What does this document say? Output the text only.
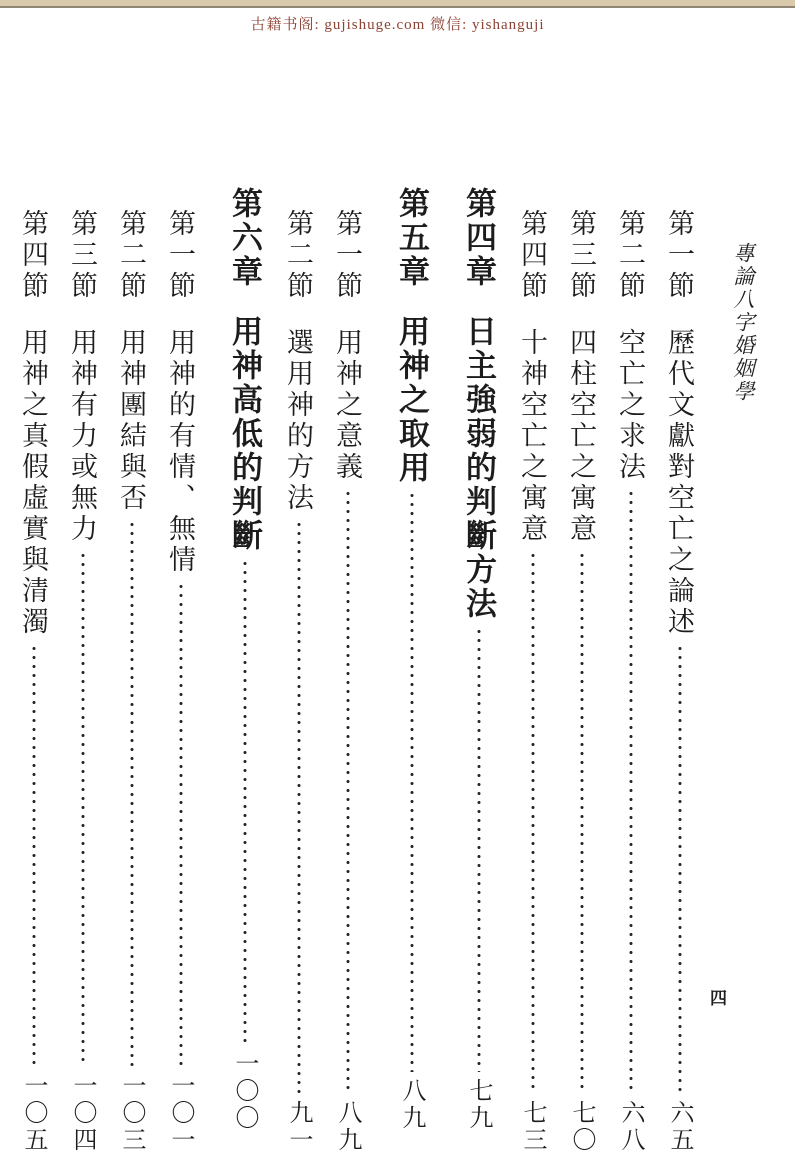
古籍书阁: gujishuge.com 微信: yishanguji
專論八字婚姻學
第一節
歷代文獻對空亡之論述
六五
第二節
空亡之求法
六八
第三節
四柱空亡之寓意
七〇
第四節
十神空亡之寓意
七三
第四章
日主強弱的判斷方法
七九
第五章
用神之取用
八九
第一節
用神之意義
八九
第二節
選用神的方法
九一
第六章
用神高低的判斷
一〇〇
第一節
用神的有情、無情
一〇一
第二節
用神團結與否
一〇三
第三節
用神有力或無力
一〇四
第四節
用神之真假虛實與清濁
一〇五
四
